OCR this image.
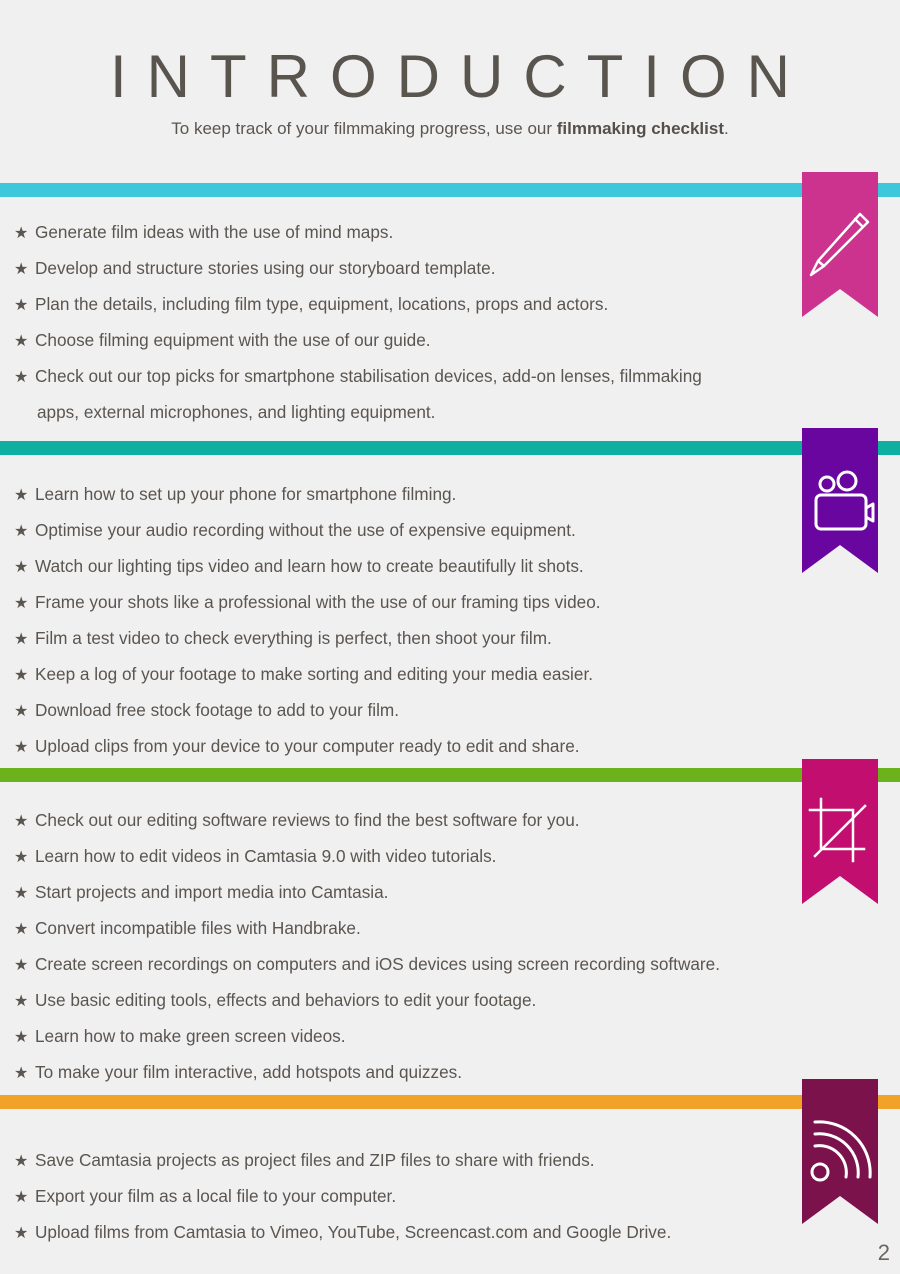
INTRODUCTION
To keep track of your filmmaking progress, use our filmmaking checklist.
★ Generate film ideas with the use of mind maps.
★ Develop and structure stories using our storyboard template.
★ Plan the details, including film type, equipment, locations, props and actors.
★ Choose filming equipment with the use of our guide.
★ Check out our top picks for smartphone stabilisation devices, add-on lenses, filmmaking
apps, external microphones, and lighting equipment.
★ Learn how to set up your phone for smartphone filming.
★ Optimise your audio recording without the use of expensive equipment.
★ Watch our lighting tips video and learn how to create beautifully lit shots.
★ Frame your shots like a professional with the use of our framing tips video.
★ Film a test video to check everything is perfect, then shoot your film.
★ Keep a log of your footage to make sorting and editing your media easier.
★ Download free stock footage to add to your film.
★ Upload clips from your device to your computer ready to edit and share.
★ Check out our editing software reviews to find the best software for you.
★ Learn how to edit videos in Camtasia 9.0 with video tutorials.
★ Start projects and import media into Camtasia.
★ Convert incompatible files with Handbrake.
★ Create screen recordings on computers and iOS devices using screen recording software.
★ Use basic editing tools, effects and behaviors to edit your footage.
★ Learn how to make green screen videos.
★ To make your film interactive, add hotspots and quizzes.
★ Save Camtasia projects as project files and ZIP files to share with friends.
★ Export your film as a local file to your computer.
★ Upload films from Camtasia to Vimeo, YouTube, Screencast.com and Google Drive.
2
